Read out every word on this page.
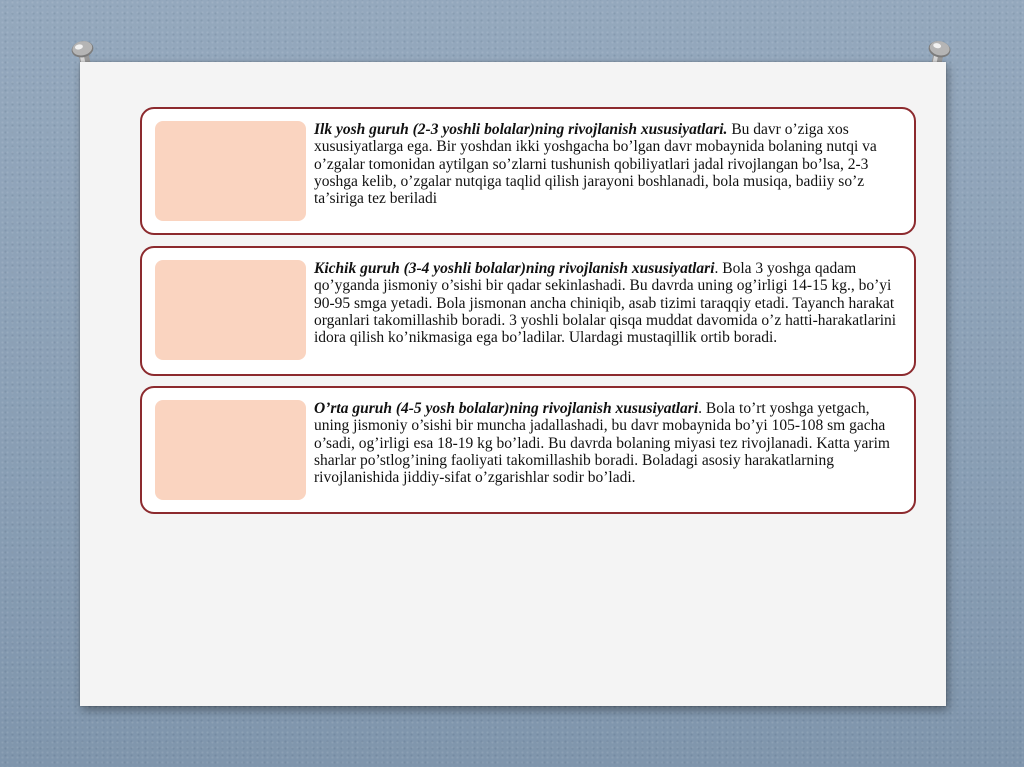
Ilk yosh guruh (2-3 yoshli bolalar)ning rivojlanish xususiyatlari. Bu davr o’ziga xos xususiyatlarga ega. Bir yoshdan ikki yoshgacha bo’lgan davr mobaynida bolaning nutqi va o’zgalar tomonidan aytilgan so’zlarni tushunish qobiliyatlari jadal rivojlangan bo’lsa, 2-3 yoshga kelib, o’zgalar nutqiga taqlid qilish jarayoni boshlanadi, bola musiqa, badiiy so’z ta’siriga tez beriladi
Kichik guruh (3-4 yoshli bolalar)ning rivojlanish xususiyatlari. Bola 3 yoshga qadam qo’yganda jismoniy o’sishi bir qadar sekinlashadi. Bu davrda uning og’irligi 14-15 kg., bo’yi 90-95 smga yetadi. Bola jismonan ancha chiniqib, asab tizimi taraqqiy etadi. Tayanch harakat organlari takomillashib boradi. 3 yoshli bolalar qisqa muddat davomida o’z hatti-harakatlarini idora qilish ko’nikmasiga ega bo’ladilar. Ulardagi mustaqillik ortib boradi.
O’rta guruh (4-5 yosh bolalar)ning rivojlanish xususiyatlari. Bola to’rt yoshga yetgach, uning jismoniy o’sishi bir muncha jadallashadi, bu davr mobaynida bo’yi 105-108 sm gacha o’sadi, og’irligi esa 18-19 kg bo’ladi. Bu davrda bolaning miyasi tez rivojlanadi. Katta yarim sharlar po’stlog’ining faoliyati takomillashib boradi. Boladagi asosiy harakatlarning rivojlanishida jiddiy-sifat o’zgarishlar sodir bo’ladi.
